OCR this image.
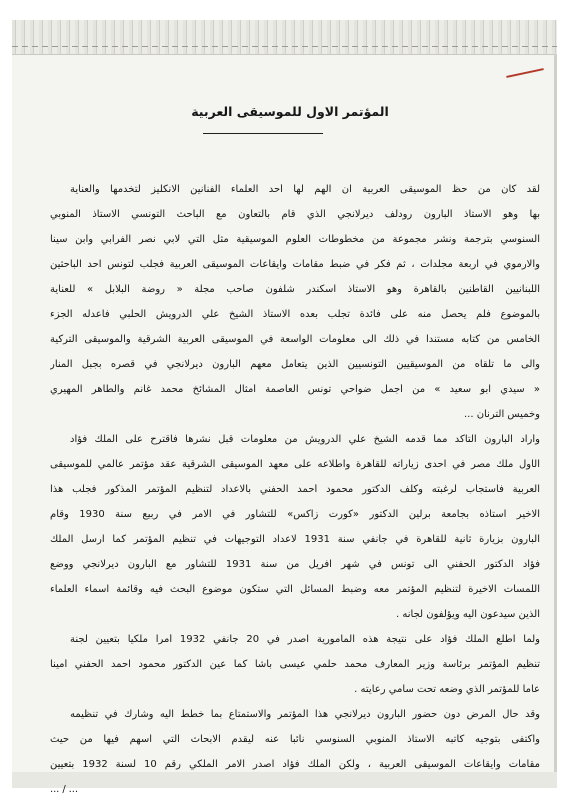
المؤتمر الاول للموسيقى العربية
لقد كان من حظ الموسيقى العربية ان الهم لها أحد العلماء الفنانين الانكليز لتخدمها والعناية
بها وهو الاستاذ البارون رودلف ديرلانجي الذي قام بالتعاون مع الباحث التونسي الاستاذ المنوبي
السنوسي بترجمة ونشر مجموعة من مخطوطات العلوم الموسيقية مثل التي لابي نصر الفرابي وابن سينا
والارموي في اربعة مجلدات ، ثم فكر في ضبط مقامات وايقاعات الموسيقى العربية فجلب لتونس احد الباحثين
اللبنانيين القاطنين بالقاهرة وهو الاستاذ اسكندر شلفون صاحب مجلة « روضة البلابل » للعناية
بالموضوع فلم يحصل منه على فائدة تجلب بعده الاستاذ الشيخ علي الدرويش الحلبي فاعدله الجزء
الخامس من كتابه مستندا في ذلك الى معلومات الواسعة في الموسيقى العربية الشرقية والموسيقى التركية
والى ما تلقاه من الموسيقيين التونسيين الذين يتعامل معهم البارون ديرلانجي في قصره بجبل المنار
« سيدي ابو سعيد » من أجمل ضواحي تونس العاصمة أمثال المشائخ محمد غانم والطاهر المهيري
وخميس الترنان ...
وأراد البارون التأكد مما قدمه الشيخ علي الدرويش من معلومات قبل نشرها فاقترح على الملك فؤاد
الأول ملك مصر في احدى زياراته للقاهرة واطلاعه على معهد الموسيقى الشرقية عقد مؤتمر عالمي للموسيقى
العربية فاستجاب لرغبته وكلف الدكتور محمود أحمد الحفني بالاعداد لتنظيم المؤتمر المذكور فجلب هذا
الاخير استاذه بجامعة برلين الدكتور «كورت زاكس» للتشاور في الامر في ربيع سنة 1930 وقام
البارون بزيارة ثانية للقاهرة في جانفي سنة 1931 لاعداد التوجيهات في تنظيم المؤتمر كما ارسل الملك
فؤاد الدكتور الحفني الى تونس في شهر افريل من سنة 1931 للتشاور مع البارون ديرلانجي ووضع
اللمسات الاخيرة لتنظيم المؤتمر معه وضبط المسائل التي ستكون موضوع البحث فيه وقائمة اسماء العلماء
الذين سيدعون اليه ويؤلفون لجانه .
ولما اطلع الملك فؤاد على نتيجة هذه المأمورية اصدر في 20 جانفي 1932 أمرا ملكيا بتعيين لجنة
تنظيم المؤتمر برئاسة وزير المعارف محمد حلمي عيسى باشا كما عين الدكتور محمود احمد الحفني أمينا
عاما للمؤتمر الذي وضعه تحت سامي رعايته .
وقد حال المرض دون حضور البارون ديرلانجي هذا المؤتمر والاستمتاع بما خطط اليه وشارك في تنظيمه
واكتفى بتوجيه كاتبه الاستاذ المنوبي السنوسي نائبا عنه ليقدم الابحاث التي اسهم فيها من حيث
مقامات وايقاعات الموسيقى العربية ، ولكن الملك فؤاد اصدر الامر الملكي رقم 10 لسنة 1932 بتعيين
... / ...
